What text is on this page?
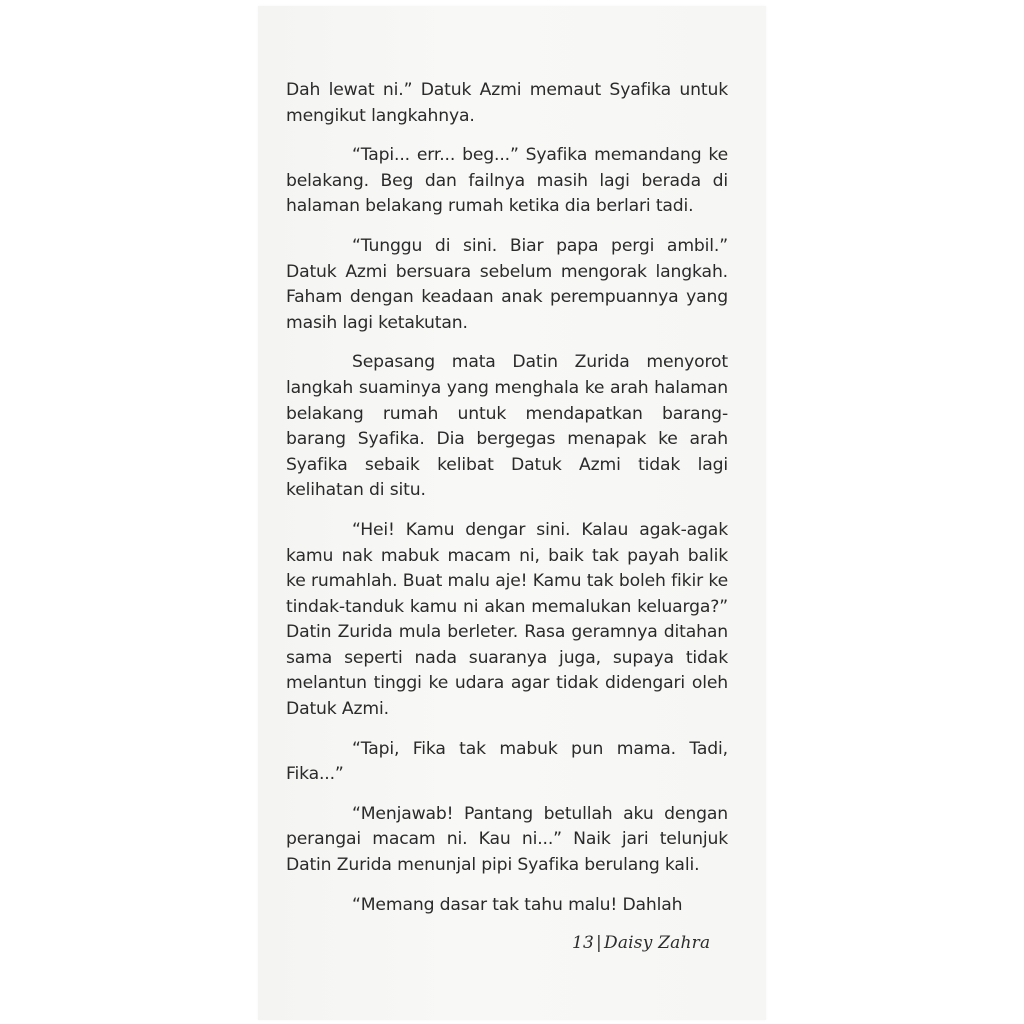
Dah lewat ni.” Datuk Azmi memaut Syafika untuk mengikut langkahnya.

“Tapi... err... beg...” Syafika memandang ke belakang. Beg dan failnya masih lagi berada di halaman belakang rumah ketika dia berlari tadi.

“Tunggu di sini. Biar papa pergi ambil.” Datuk Azmi bersuara sebelum mengorak langkah. Faham dengan keadaan anak perempuannya yang masih lagi ketakutan.

Sepasang mata Datin Zurida menyorot langkah suaminya yang menghala ke arah halaman belakang rumah untuk mendapatkan barang-barang Syafika. Dia bergegas menapak ke arah Syafika sebaik kelibat Datuk Azmi tidak lagi kelihatan di situ.

“Hei! Kamu dengar sini. Kalau agak-agak kamu nak mabuk macam ni, baik tak payah balik ke rumahlah. Buat malu aje! Kamu tak boleh fikir ke tindak-tanduk kamu ni akan memalukan keluarga?” Datin Zurida mula berleter. Rasa geramnya ditahan sama seperti nada suaranya juga, supaya tidak melantun tinggi ke udara agar tidak didengari oleh Datuk Azmi.

“Tapi, Fika tak mabuk pun mama. Tadi, Fika...”

“Menjawab! Pantang betullah aku dengan perangai macam ni. Kau ni...” Naik jari telunjuk Datin Zurida menunjal pipi Syafika berulang kali.

“Memang dasar tak tahu malu! Dahlah

13 | Daisy Zahra
